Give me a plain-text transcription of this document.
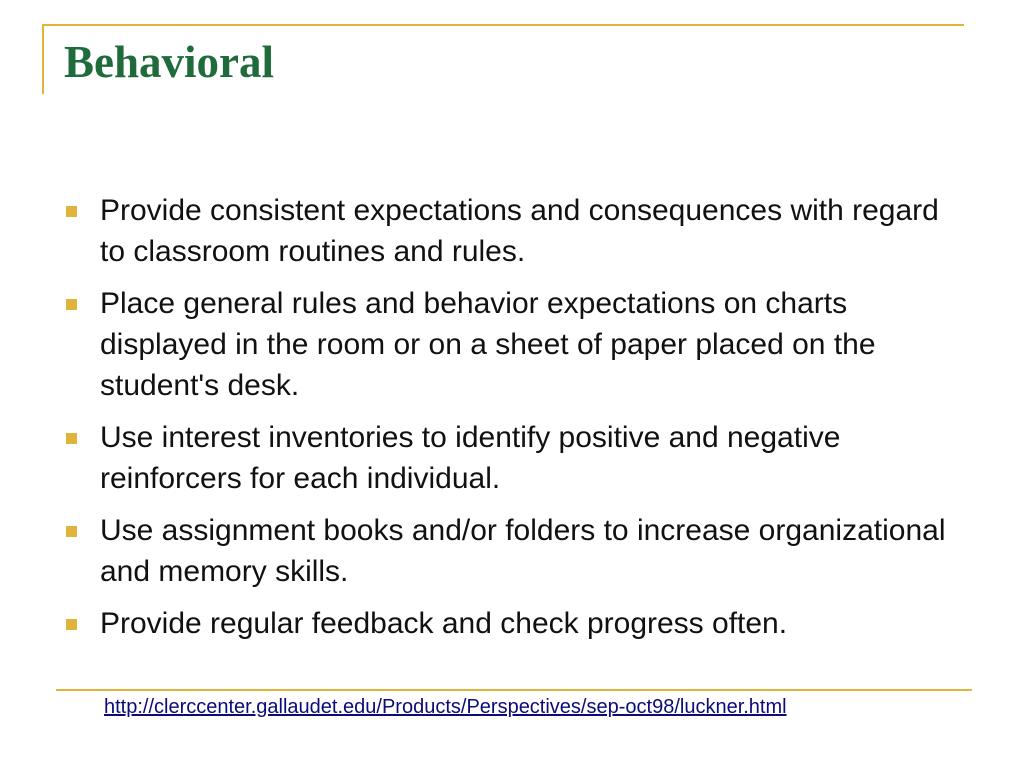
Behavioral
Provide consistent expectations and consequences with regard to classroom routines and rules.
Place general rules and behavior expectations on charts displayed in the room or on a sheet of paper placed on the student's desk.
Use interest inventories to identify positive and negative reinforcers for each individual.
Use assignment books and/or folders to increase organizational and memory skills.
Provide regular feedback and check progress often.
http://clerccenter.gallaudet.edu/Products/Perspectives/sep-oct98/luckner.html
